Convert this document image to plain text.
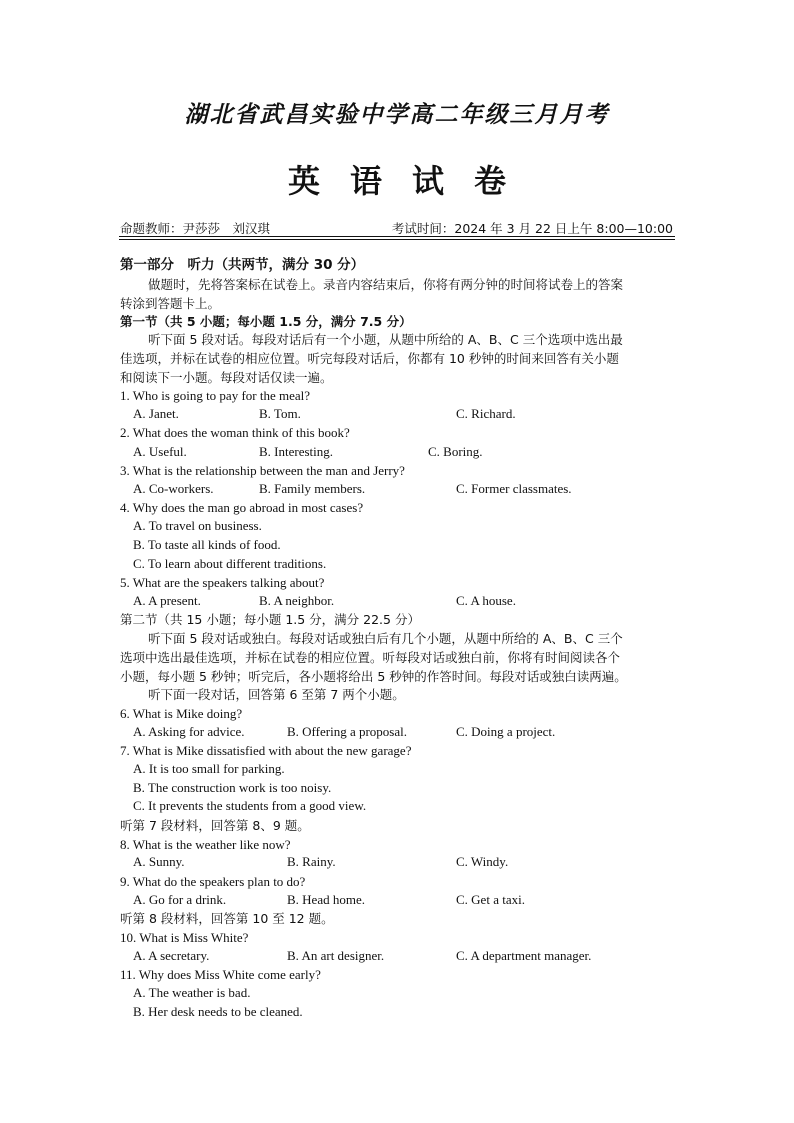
湖北省武昌实验中学高二年级三月月考
英语试卷
命题教师：尹莎莎　刘汉琪	考试时间：2024 年 3 月 22 日上午 8:00—10:00
第一部分　听力（共两节，满分 30 分）
做题时，先将答案标在试卷上。录音内容结束后，你将有两分钟的时间将试卷上的答案
转涂到答题卡上。
第一节（共 5 小题；每小题 1.5 分，满分 7.5 分）
听下面 5 段对话。每段对话后有一个小题，从题中所给的 A、B、C 三个选项中选出最
佳选项，并标在试卷的相应位置。听完每段对话后，你都有 10 秒钟的时间来回答有关小题
和阅读下一小题。每段对话仅读一遍。
1. Who is going to pay for the meal?
A. Janet.	B. Tom.	C. Richard.
2. What does the woman think of this book?
A. Useful.	B. Interesting.	C. Boring.
3. What is the relationship between the man and Jerry?
A. Co-workers.	B. Family members.	C. Former classmates.
4. Why does the man go abroad in most cases?
A. To travel on business.
B. To taste all kinds of food.
C. To learn about different traditions.
5. What are the speakers talking about?
A. A present.	B. A neighbor.	C. A house.
第二节（共 15 小题；每小题 1.5 分，满分 22.5 分）
听下面 5 段对话或独白。每段对话或独白后有几个小题，从题中所给的 A、B、C 三个
选项中选出最佳选项，并标在试卷的相应位置。听每段对话或独白前，你将有时间阅读各个
小题，每小题 5 秒钟；听完后，各小题将给出 5 秒钟的作答时间。每段对话或独白读两遍。
听下面一段对话，回答第 6 至第 7 两个小题。
6. What is Mike doing?
A. Asking for advice.	B. Offering a proposal.	C. Doing a project.
7. What is Mike dissatisfied with about the new garage?
A. It is too small for parking.
B. The construction work is too noisy.
C. It prevents the students from a good view.
听第 7 段材料，回答第 8、9 题。
8. What is the weather like now?
A. Sunny.	B. Rainy.	C. Windy.
9. What do the speakers plan to do?
A. Go for a drink.	B. Head home.	C. Get a taxi.
听第 8 段材料，回答第 10 至 12 题。
10. What is Miss White?
A. A secretary.	B. An art designer.	C. A department manager.
11. Why does Miss White come early?
A. The weather is bad.
B. Her desk needs to be cleaned.
